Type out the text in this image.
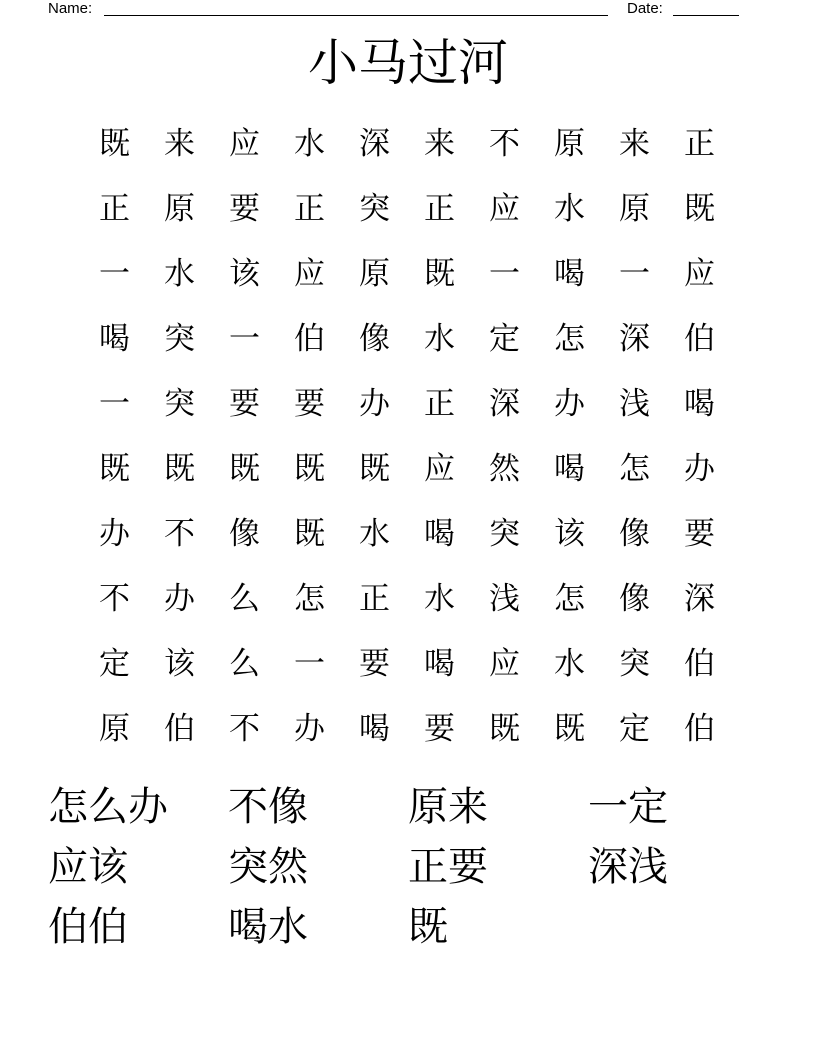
Name:	Date:
小马过河
既	来	应	水	深	来	不	原	来	正
正	原	要	正	突	正	应	水	原	既
一	水	该	应	原	既	一	喝	一	应
喝	突	一	伯	像	水	定	怎	深	伯
一	突	要	要	办	正	深	办	浅	喝
既	既	既	既	既	应	然	喝	怎	办
办	不	像	既	水	喝	突	该	像	要
不	办	么	怎	正	水	浅	怎	像	深
定	该	么	一	要	喝	应	水	突	伯
原	伯	不	办	喝	要	既	既	定	伯
怎么办	不像	原来	一定
应该	突然	正要	深浅
伯伯	喝水	既
